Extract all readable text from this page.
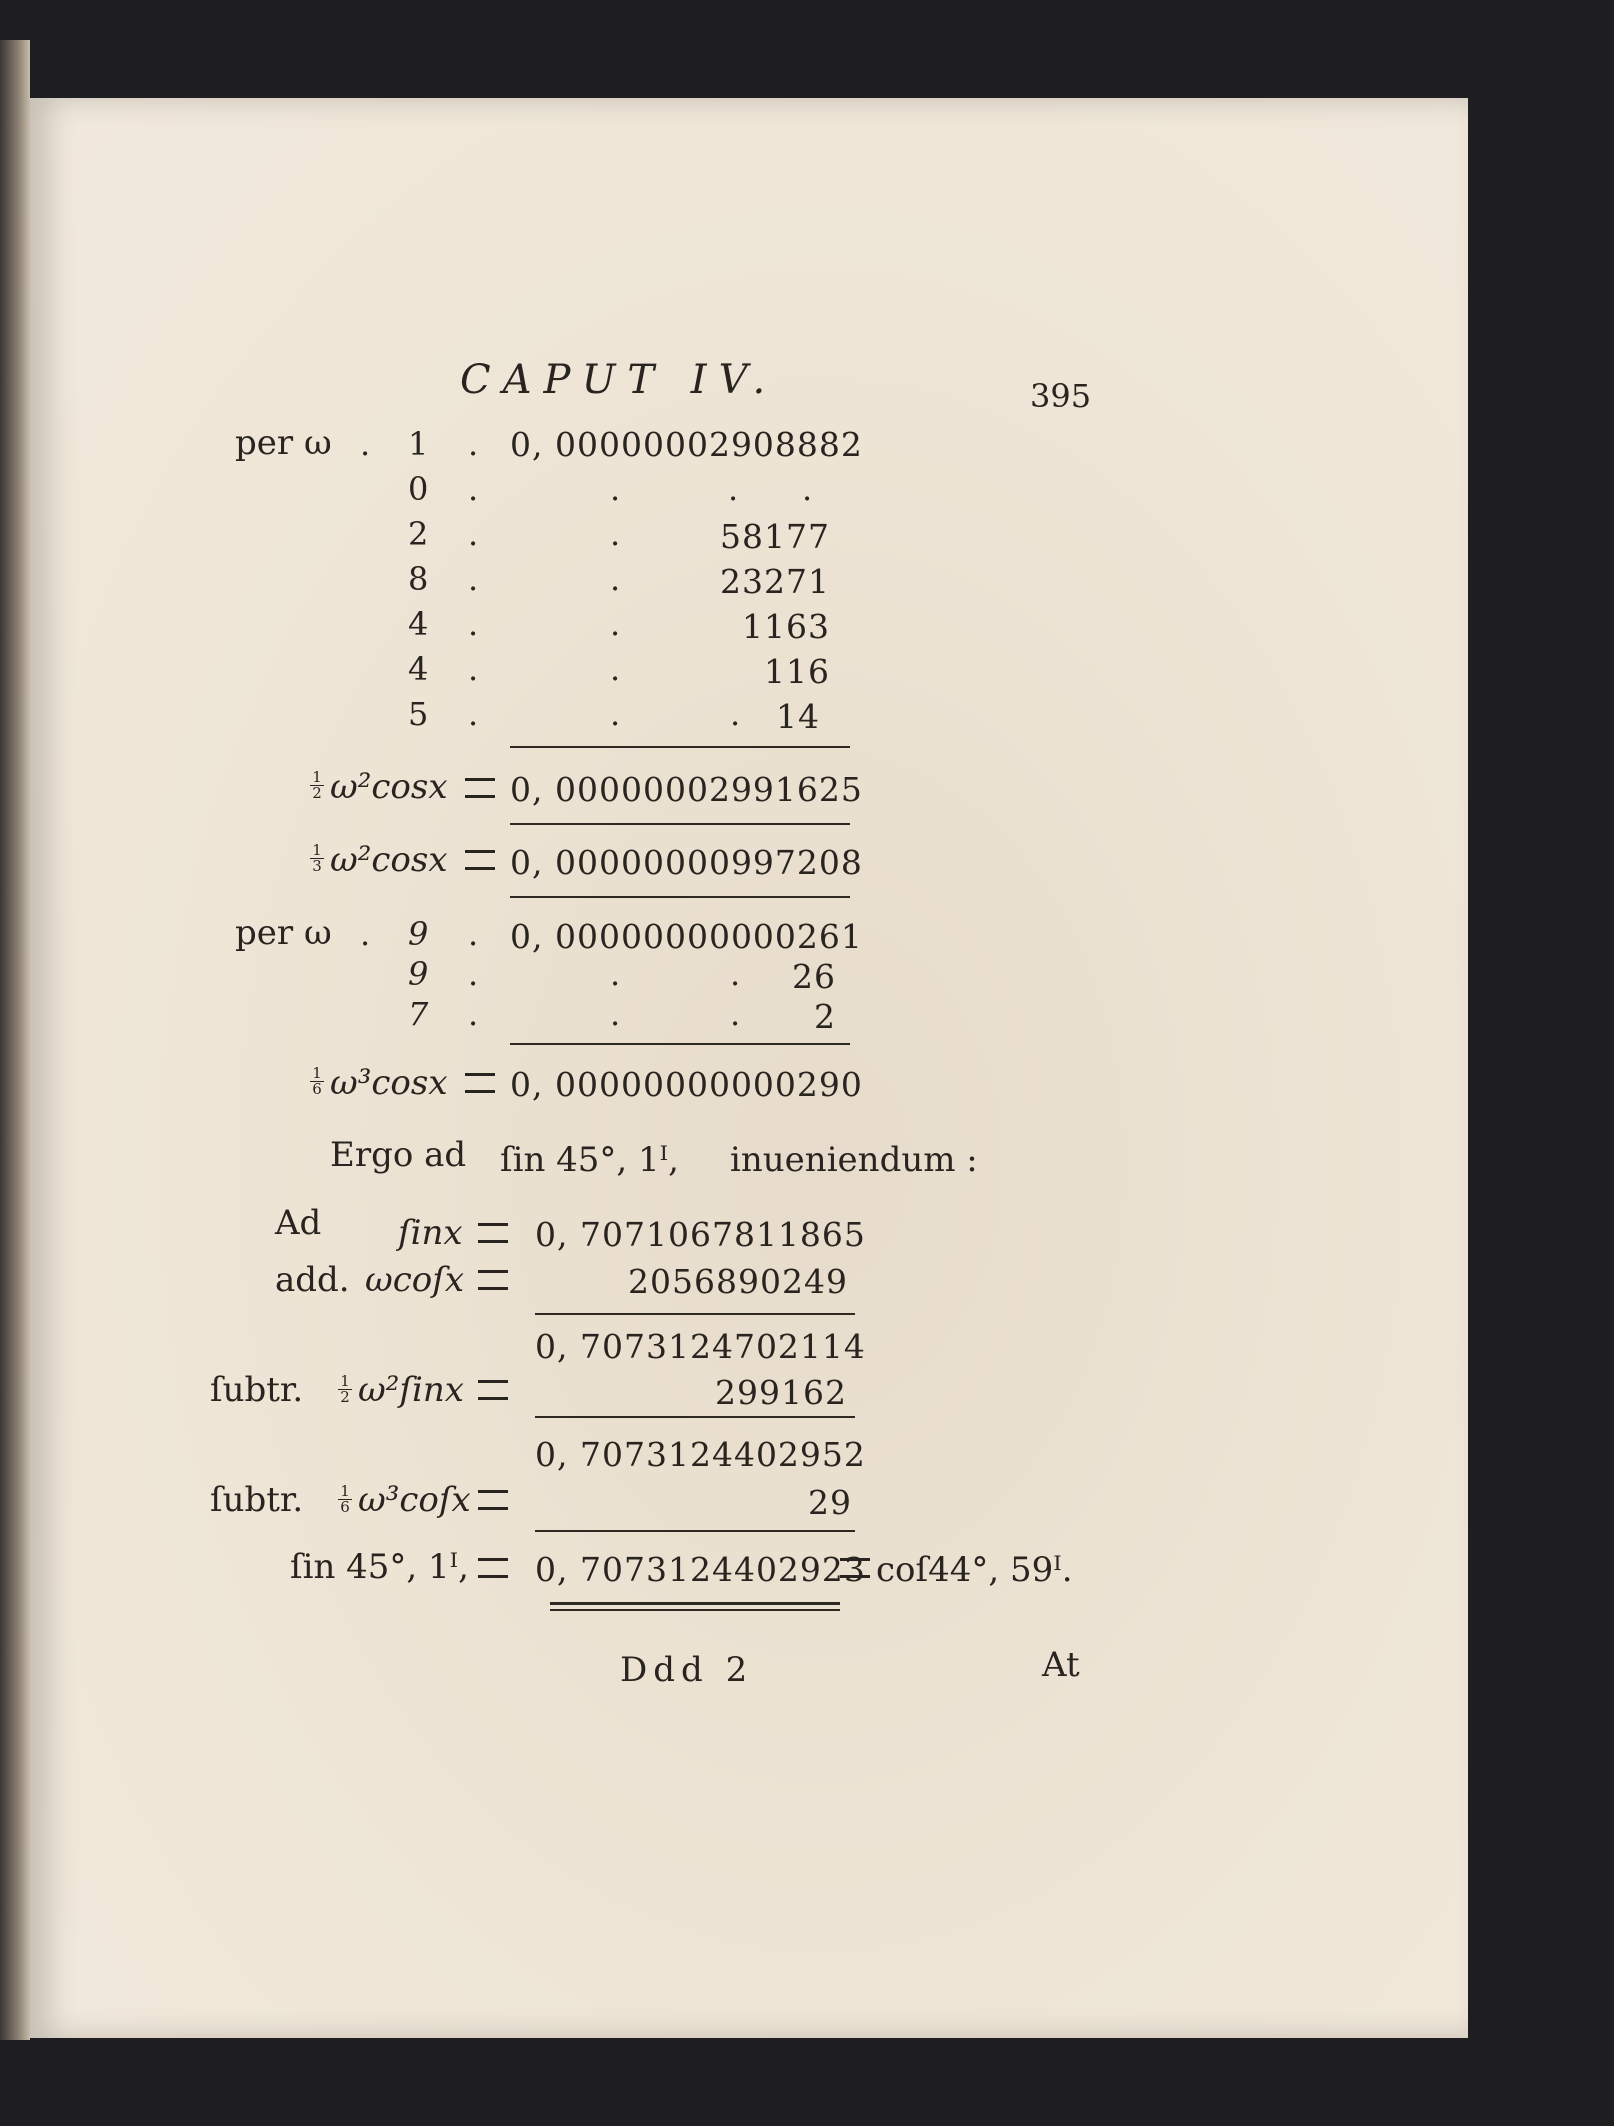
CAPUT IV.	395
per ω . 1 . 0, 00000002908882
0 .	.	. .
2 .	.	58177
8 .	.	23271
4 .	.	1163
4 .	.	116
5 .	.	. 14
$\frac{1}{2} \omega^2\cos x$ 0, 00000002991625
$\frac{1}{3} \omega^2\cos x$ 0, 00000000997208
per ω . 9 . 0, 00000000000261
9 .	.	. 26
7 .	.	. 2
$\frac{1}{6} \omega^3\cos x$ 0, 00000000000290
Ergo ad ſin 45°, 1ᴵ, inueniendum :
Ad ſinx 0, 7071067811865
add. ωcoſx	2056890249
0, 7073124702114
ſubtr. $\frac{1}{2}$ ω²ſinx	299162
0, 7073124402952
ſubtr. $\frac{1}{6}$ ω³coſx	29
ſin 45°, 1ᴵ, 0, 7073124402923 coſ44°, 59ᴵ.
Ddd 2	At
